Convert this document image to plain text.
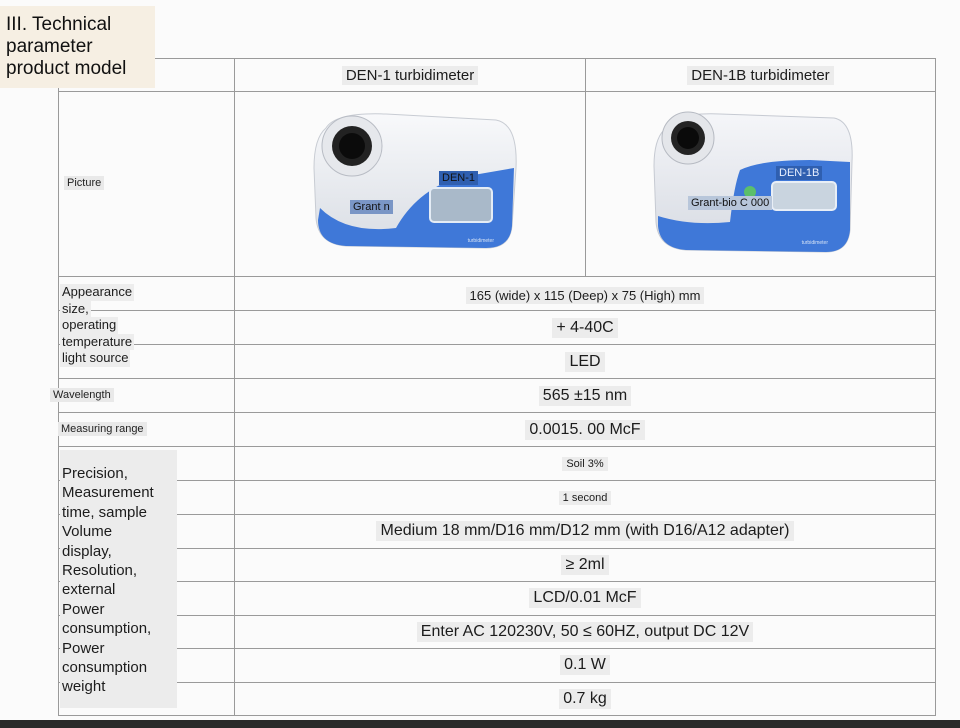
III. Technical
parameter
product model	DEN-1 turbidimeter	DEN-1B turbidimeter
Picture
turbidimeter
DEN-1
Grant n
turbidimeter
DEN-1B
Grant-bio C 000
Appearance
size,
operating
temperature
light source
Wavelength
Measuring range
Precision,
Measurement
time, sample
Volume
display,
Resolution,
external
Power
consumption,
Power
consumption
weight
165 (wide) x 115 (Deep) x 75 (High) mm
+ 4-40C
LED
565 ±15 nm
0.0015. 00 McF
Soil 3%
1 second
Medium 18 mm/D16 mm/D12 mm (with D16/A12 adapter)
≥ 2ml
LCD/0.01 McF
Enter AC 120230V, 50 ≤ 60HZ, output DC 12V
0.1 W
0.7 kg
